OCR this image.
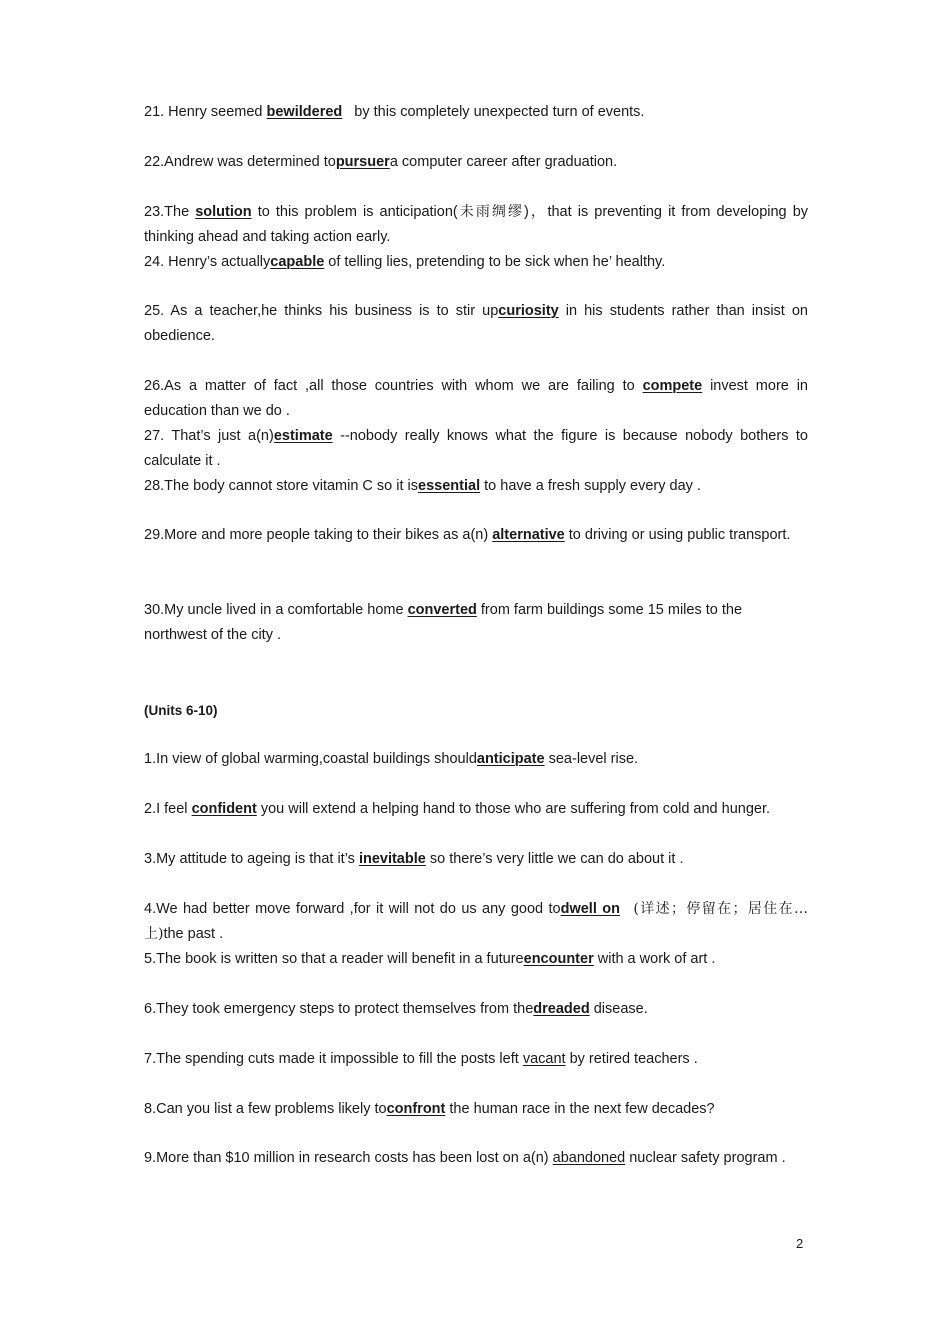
21. Henry seemed bewildered by this completely unexpected turn of events.

22.Andrew was determined topursuera computer career after graduation.

23.The solution to this problem is anticipation(未雨绸缪)，that is preventing it from developing by thinking ahead and taking action early.

24. Henry’s actuallycapable of telling lies, pretending to be sick when he’ healthy.

25. As a teacher,he thinks his business is to stir upcuriosity in his students rather than insist on obedience.

26.As a matter of fact ,all those countries with whom we are failing to compete invest more in education than we do .

27. That’s just a(n)estimate --nobody really knows what the figure is because nobody bothers to calculate it .

28.The body cannot store vitamin C so it isessential to have a fresh supply every day .

29.More and more people taking to their bikes as a(n) alternative to driving or using public transport.

30.My uncle lived in a comfortable home converted from farm buildings some 15 miles to the northwest of the city .

(Units 6-10)

1.In view of global warming,coastal buildings shouldanticipate sea-level rise.

2.I feel confident you will extend a helping hand to those who are suffering from cold and hunger.

3.My attitude to ageing is that it’s inevitable so there’s very little we can do about it .

4.We had better move forward ,for it will not do us any good todwell on (详述；停留在；居住在…上)the past .

5.The book is written so that a reader will benefit in a futureencounter with a work of art .

6.They took emergency steps to protect themselves from thedreaded disease.

7.The spending cuts made it impossible to fill the posts left vacant by retired teachers .

8.Can you list a few problems likely toconfront the human race in the next few decades?

9.More than $10 million in research costs has been lost on a(n) abandoned nuclear safety program .

2
